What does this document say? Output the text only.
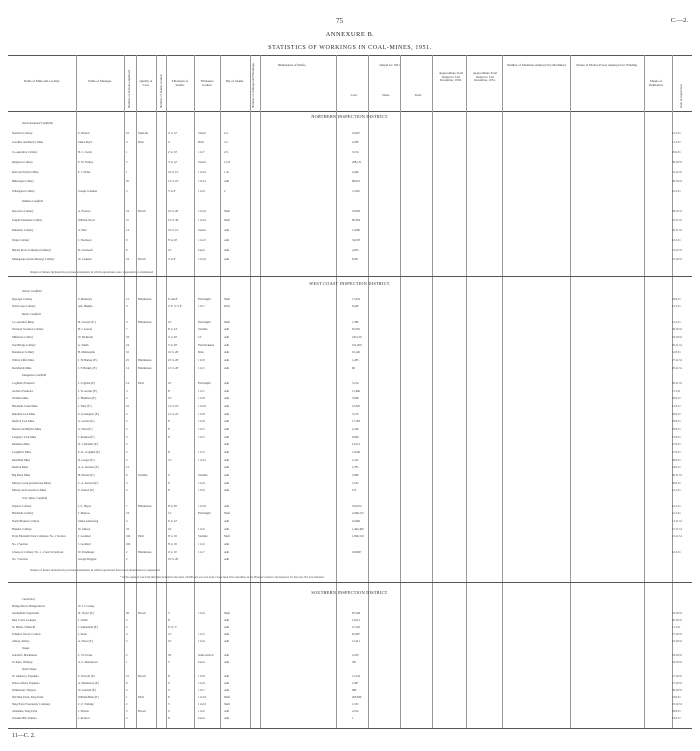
75	C.—2.
ANNEXURE B.
STATISTICS OF WORKINGS IN COAL-MINES, 1951.
Name of Mine and Locality.	Name of Manager.	Number of Persons employed.	Quality of Coal.	Number of Seams worked.	Thickness of Seams.
Thickness worked.
Dip of Seams.	Number of Underground Workings.	Dimensions of Shafts.	Output for 1951.
Coal.	Slack.	Total.
Approximate Total Output to 31st December, 1950.
Approximate Total Output to 31st December, 1951.
Number of Machines employed by Machinery.	Nature of Motive Power employed for Winding.
Means of Ventilation.	Date of Inspection.
NORTHERN INSPECTION DISTRICT.
North Auckland Coalfields
Northern Colliery	E. Nelson	16	Semi-bit.	4' to 12'	Varied	2,4	25,847	5.12.51
Goodfire and Barry's Mine	James Boyd	3	Ditto	4'	Ditto	3,2	2,280	7.12.51
Co-operative Colliery	B. C. Curtis	1	2' to 10'	1 in 7	2 ft.	3,154	26.9.51
Rangiora Colliery	E. W. Tutkey	5	3' to 12'	Varied	1,121	298,131	30.10.51
Kent and Wyatt's Mine	F. J. Noble	1	10' to 12'	1 in 10	1 ch.	2,449	31.12.51
Hikurangi Colliery	95	12' to 18'	1 in 12	Adit	80,016	26.10.51
Whangarei Colliery	Joseph Coleman	5	3' to 8'	1 in 6	2	11,965	4.12.51
Waikato Coalfield
Rotowaro Colliery	A. Frances	24	Brown	10' to 26'	1 in 10	Shaft	25,083	28.12.51
Taupiri Extended Colliery	William Wood	27	16' to 30'	1 in 10	Shaft	89,394	10.11.51
Pukemiro Colliery	A. Hart	14	10' to 12'	Varied	Adit	11,860	26.11.51
Waipa Colliery	J. Thomson	9	8' to 20'	1 in 15	Adit	34,593	9.12.51
Huntly Rock Company (Limited)	K. Grunwell	6	10'	Level	Adit	4,263	31.12.51
Maungatapu (Glen Massey) Colliery	W. Lampier	24	Brown	2' to 8'	1 in 10	Adit	8,261	10.10.51
Output of mines included in previous statements in which operations were suspended or abandoned
WEST COAST INSPECTION DISTRICT.
Nelson Coalfield
Puponga Colliery	P. Rutherley	12	Bituminous	6' and 8'	Full height	Shaft	17,632	26.9.51
North Cape Colliery	Ant. Hughes	3	2' 6" to 3' 6"	1 in 7	Drift	8,440	2.12.51
Buller Coalfield
Co-operative Mine	H. Cleaver (E.)	3	Bituminous	10'	Full height	Shaft	1,386	5.12.51
Westport Stockton Colliery	B. J. Gorton	7	8' to 24'	Variable	Adit	62,565	29.10.51
Millerton Colliery	W. McIntosh	34	4' to 40'	12'	Adit	233,219	18.10.51
Iron Bridge Colliery	G. Smith	24	3' to 30'	Full thickness	Adit	101,200	20.11.51
Denniston Colliery	H. Meiklejohn	16	16' to 20'	Ditto	Adit	16,140	5.10.51
Whin's Cliffs Mine	J. H. Burkey (F.)	25	Bituminous	10' to 20'	1 in 8	Adit	1,283	27.11.51
Rockfields Mine	J. F. Burkey (F.)	14	Bituminous	12' to 20'	1 in 5	Adit	66	20.11.51
Inangahua Coalfield
Coghlan's Freehold	J. Coghlan (F.)	14	Pitch	10'	Full height	Adit	5,214	20.11.51
Archer's Freehold	J. W. Archer (F.)	3	8'	1 in 5	Adit	11,496	7.11.51
Waitahu Mine	J. Hamilton (F.)	2	10'	1 in 8	Adit	3,948	26.9.51
Blackball Creek Mine	J. Fairy (F.)	16	12' to 18'	1 in 10	Adit	23,305	15.9.51
Dunollie Coal Mine	P. Lockington (F.)	2	12' to 22'	1 in 8	Adit	5,135	26.9.51
Reefton Coal Mine	G. Gerbes (F.)	2	8'	1 in 8	Adit	17,183	26.9.51
Burnett and Blyth's Mine	G. Ward (F.)	2	8'	1 in 5	Adit	2,246	26.9.51
Langley's Coal Mine	J. Rasmus (F.)	3	6'	1 in 5	Adit	6,849	27.9.51
Rasmus's Mine	N. J. Rasmus (F.)	2	Adit	12,251	27.9.51
Loughlin's Mine	E. K. Loughlin (F.)	2	8'	1 in 5	Adit	11,048	27.9.51
Reedfield Mine	N. Gregor (F.)	2	12'	1 in 12	Adit	1,412	28.9.51
Reefton Mine	A. A. Stevens (F.)	12	Adit	1,785	24.9.51
Big River Mine	H. Horner (F.)	6	Variable	4'	Variable	Adit	1,086	30.11.51
Murray Creek (Greenstone Mine)	C. A. Stewart (F.)	3	6'	1 in 6	Adit	1,162	30.9.51
Murray and Lawrence's Mine	T. Gibson (F.)	2	8'	1 in 6	Adit	125	3.12.51
Grey Valley Coalfield
Paparoa Colliery	J. C. Bayes	7	Bituminous	8' to 20'	1 in 10	Adit	193,672	6.12.51
Blackball Colliery	J. Munroe	23	12'	Full height	Shaft	2,296,153	4.12.51
North Brunner Colliery	James Armstrong	4	6' to 12'	Adit	22,660	13.11.51
Brunner Colliery	W. Allison	33	16'	1 in 6	Adit	1,462,400	27.11.51
Point Elizabeth State Collieries: No. 1 Section	J. Goddard	104	Pitch	8' to 16'	Variable	Shaft	1,846,310	21.11.51
No. 2 Section	J. Goddard	104	8' to 16'	1 in 6	Adit
Liverpool Colliery: No. 1, 2 and 3a Sections	W. Passmuger	2	Bituminous	4' to 16'	1 in 7	Adit	160,867	6.12.51
No. 3 Section	George Duggan	2	10' to 20'	Adit
Output of mines included in previous statements in which operations have been abandoned or suspended
* Of the output of coal from this mine included in the totals, 20,000 tons was won from a stone-head drive and pillars in the Manager's return to the Inspector for that year. Not now included.
SOUTHERN INSPECTION DISTRICT.
Canterbury
Bridget River, Bridget River	W. J. Cowsley
Springfield Greymouth	D. Taylor (F.)	26	Brown	3'	1 in 6	Shaft	87,548	22.10.51
Beet Coal's Coalgate	J. Lilleh	2	8'	Adit	12,013	20.10.51
St. Helier, Whiteclif	J. Sutherland (F.)	2	6', 8', 3'	Adit	21,102	1.11.51
Temple's Wood, Cosmos	J. Kane	4	15'	1 in 3	Adit	62,487	27.10.51
Albury, Albury	A. Shaw (F.)	2	10'	1 in 6	Adit	12,411	19.10.51
Otago
Gabriel's, Mackinnon	C. W. Evans	2	30'	Semi-vertical	Adit	2,479	18.10.51
Te Puna, Whitney	A. G. Henderson	1	5'	Level	Adit	301	24.10.51
South Otago
St. Andrew's, Papakaio	T. Parcroft (F.)	21	Brown	8'	1 in 8	Adit	11,534	27.10.51
Prince Alfred, Papakaio	A. Henderson (F.)	8	4'	1 in 6	Adit	1,967	27.10.51
Palmerston, Waipori	W. Garland (F.)	2	5'	1 in 7	Adit	980	30.10.51
Old Ship Point, Shag Point	William Hunt (F.)	1	Pitch	6'	1 in 10	Shaft	405,836	22.9.51
Shag Point Proprietary Company	C. E. Tutking	2	5'	1 in 10	Shaft	1,325	25.10.51
Allandale, Shag Point	J. Eliston	3	Brown	4'	1 in 6	Adit	2,014	28.9.51
Ironside Hill, Kaitaia	J. Robson	2	8'	Level	Adit	1	16.9.51
11—C. 2.
